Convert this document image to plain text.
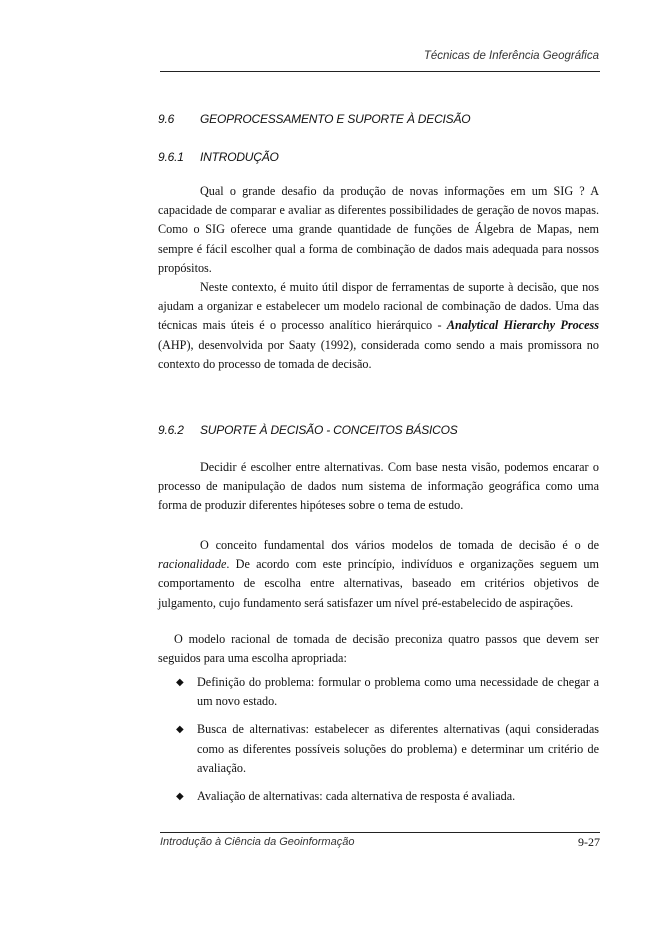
Técnicas de Inferência Geográfica
9.6 GEOPROCESSAMENTO E SUPORTE À DECISÃO
9.6.1 INTRODUÇÃO

Qual o grande desafio da produção de novas informações em um SIG ? A capacidade de comparar e avaliar as diferentes possibilidades de geração de novos mapas. Como o SIG oferece uma grande quantidade de funções de Álgebra de Mapas, nem sempre é fácil escolher qual a forma de combinação de dados mais adequada para nossos propósitos.

Neste contexto, é muito útil dispor de ferramentas de suporte à decisão, que nos ajudam a organizar e estabelecer um modelo racional de combinação de dados. Uma das técnicas mais úteis é o processo analítico hierárquico - Analytical Hierarchy Process (AHP), desenvolvida por Saaty (1992), considerada como sendo a mais promissora no contexto do processo de tomada de decisão.

9.6.2 SUPORTE À DECISÃO - CONCEITOS BÁSICOS

Decidir é escolher entre alternativas. Com base nesta visão, podemos encarar o processo de manipulação de dados num sistema de informação geográfica como uma forma de produzir diferentes hipóteses sobre o tema de estudo.

O conceito fundamental dos vários modelos de tomada de decisão é o de racionalidade. De acordo com este princípio, indivíduos e organizações seguem um comportamento de escolha entre alternativas, baseado em critérios objetivos de julgamento, cujo fundamento será satisfazer um nível pré-estabelecido de aspirações.

O modelo racional de tomada de decisão preconiza quatro passos que devem ser seguidos para uma escolha apropriada:

◆ Definição do problema: formular o problema como uma necessidade de chegar a um novo estado.
◆ Busca de alternativas: estabelecer as diferentes alternativas (aqui consideradas como as diferentes possíveis soluções do problema) e determinar um critério de avaliação.
◆ Avaliação de alternativas: cada alternativa de resposta é avaliada.
Introdução à Ciência da Geoinformação	9-27
